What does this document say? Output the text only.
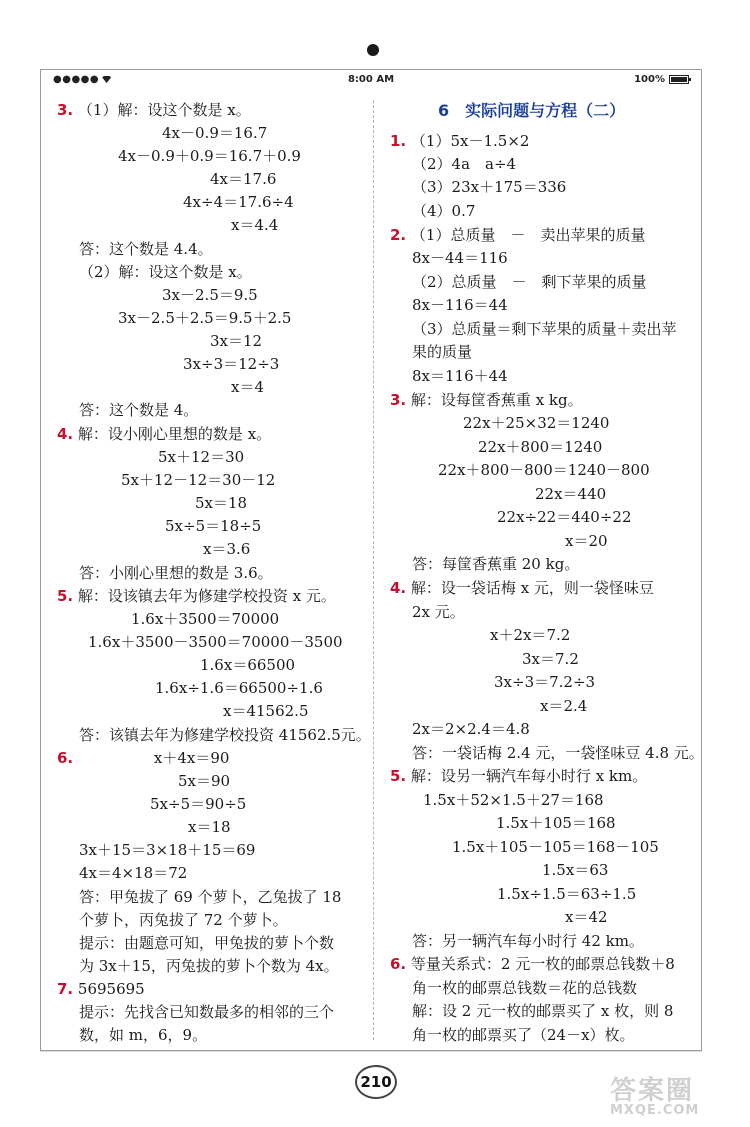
●●●●●	8:00 AM	100%
3. （1）解：设这个数是 x。
4x－0.9＝16.7
4x－0.9＋0.9＝16.7＋0.9
4x＝17.6
4x÷4＝17.6÷4
x＝4.4
答：这个数是 4.4。
（2）解：设这个数是 x。
3x－2.5＝9.5
3x－2.5＋2.5＝9.5＋2.5
3x＝12
3x÷3＝12÷3
x＝4
答：这个数是 4。
4. 解：设小刚心里想的数是 x。
5x＋12＝30
5x＋12－12＝30－12
5x＝18
5x÷5＝18÷5
x＝3.6
答：小刚心里想的数是 3.6。
5. 解：设该镇去年为修建学校投资 x 元。
1.6x＋3500＝70000
1.6x＋3500－3500＝70000－3500
1.6x＝66500
1.6x÷1.6＝66500÷1.6
x＝41562.5
答：该镇去年为修建学校投资 41562.5元。
6.	x＋4x＝90
5x＝90
5x÷5＝90÷5
x＝18
3x＋15＝3×18＋15＝69
4x＝4×18＝72
答：甲兔拔了 69 个萝卜，乙兔拔了 18
个萝卜，丙兔拔了 72 个萝卜。
提示：由题意可知，甲兔拔的萝卜个数
为 3x＋15，丙兔拔的萝卜个数为 4x。
7. 5695695
提示：先找含已知数最多的相邻的三个
数，如 m，6，9。
6　实际问题与方程（二）
1. （1）5x－1.5×2
（2）4a　a÷4
（3）23x＋175＝336
（4）0.7
2. （1）总质量　－　卖出苹果的质量
8x－44＝116
（2）总质量　－　剩下苹果的质量
8x－116＝44
（3）总质量＝剩下苹果的质量＋卖出苹
果的质量
8x＝116＋44
3. 解：设每筐香蕉重 x kg。
22x＋25×32＝1240
22x＋800＝1240
22x＋800－800＝1240－800
22x＝440
22x÷22＝440÷22
x＝20
答：每筐香蕉重 20 kg。
4. 解：设一袋话梅 x 元，则一袋怪味豆
2x 元。
x＋2x＝7.2
3x＝7.2
3x÷3＝7.2÷3
x＝2.4
2x＝2×2.4＝4.8
答：一袋话梅 2.4 元，一袋怪味豆 4.8 元。
5. 解：设另一辆汽车每小时行 x km。
1.5x＋52×1.5＋27＝168
1.5x＋105＝168
1.5x＋105－105＝168－105
1.5x＝63
1.5x÷1.5＝63÷1.5
x＝42
答：另一辆汽车每小时行 42 km。
6. 等量关系式：2 元一枚的邮票总钱数＋8
角一枚的邮票总钱数＝花的总钱数
解：设 2 元一枚的邮票买了 x 枚，则 8
角一枚的邮票买了（24－x）枚。
210	答案圈
MXQE.COM
